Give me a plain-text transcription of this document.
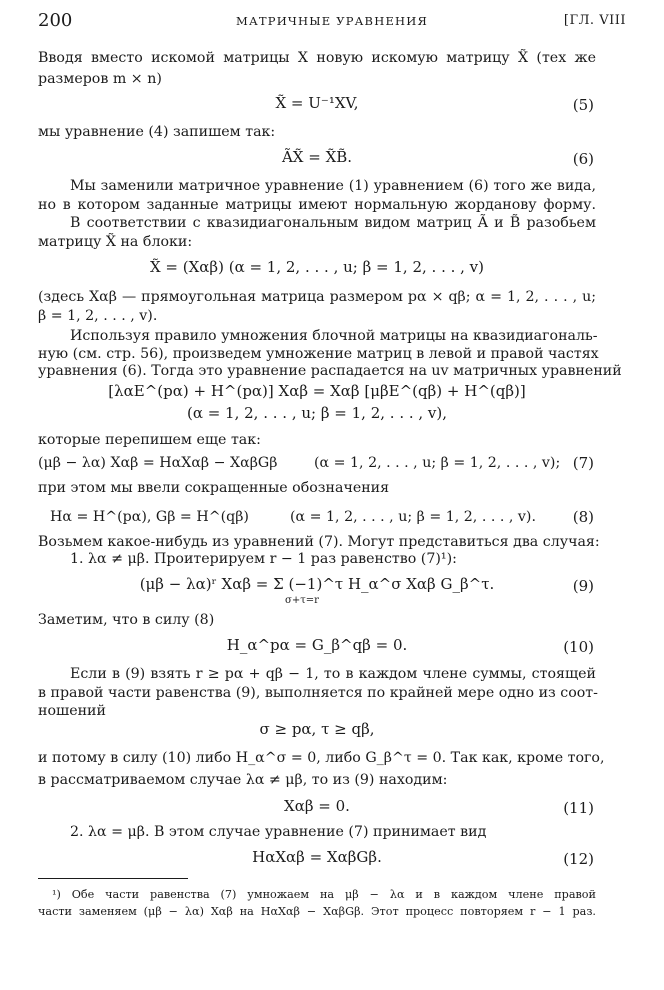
200	МАТРИЧНЫЕ УРАВНЕНИЯ	[ГЛ. VIII
Вводя вместо искомой матрицы X новую искомую матрицу X̃ (тех же
размеров m × n)
X̃ = U⁻¹XV,	(5)
мы уравнение (4) запишем так:
ÃX̃ = X̃B̃.	(6)
Мы заменили матричное уравнение (1) уравнением (6) того же вида,
но в котором заданные матрицы имеют нормальную жорданову форму.
В соответствии с квазидиагональным видом матриц Ã и B̃ разобьем
матрицу X̃ на блоки:
X̃ = (Xαβ) (α = 1, 2, . . . , u; β = 1, 2, . . . , v)
(здесь Xαβ — прямоугольная матрица размером pα × qβ; α = 1, 2, . . . , u;
β = 1, 2, . . . , v).
Используя правило умножения блочной матрицы на квазидиагональ-
ную (см. стр. 56), произведем умножение матриц в левой и правой частях
уравнения (6). Тогда это уравнение распадается на uv матричных уравнений
[λαE^(pα) + H^(pα)] Xαβ = Xαβ [μβE^(qβ) + H^(qβ)]
(α = 1, 2, . . . , u; β = 1, 2, . . . , v),
которые перепишем еще так:
(μβ − λα) Xαβ = HαXαβ − XαβGβ	(α = 1, 2, . . . , u; β = 1, 2, . . . , v); (7)
при этом мы ввели сокращенные обозначения
Hα = H^(pα), Gβ = H^(qβ)	(α = 1, 2, . . . , u; β = 1, 2, . . . , v). (8)
Возьмем какое-нибудь из уравнений (7). Могут представиться два случая:
1. λα ≠ μβ. Проитерируем r − 1 раз равенство (7)¹):
(μβ − λα)ʳ Xαβ = Σ (−1)^τ H_α^σ Xαβ G_β^τ.
σ+τ=r
(9)
Заметим, что в силу (8)
H_α^pα = G_β^qβ = 0.	(10)
Если в (9) взять r ≥ pα + qβ − 1, то в каждом члене суммы, стоящей
в правой части равенства (9), выполняется по крайней мере одно из соот-
ношений
σ ≥ pα, τ ≥ qβ,
и потому в силу (10) либо H_α^σ = 0, либо G_β^τ = 0. Так как, кроме того,
в рассматриваемом случае λα ≠ μβ, то из (9) находим:
Xαβ = 0.	(11)
2. λα = μβ. В этом случае уравнение (7) принимает вид
HαXαβ = XαβGβ.	(12)
¹) Обе части равенства (7) умножаем на μβ − λα и в каждом члене правой
части заменяем (μβ − λα) Xαβ на HαXαβ − XαβGβ. Этот процесс повторяем r − 1 раз.
